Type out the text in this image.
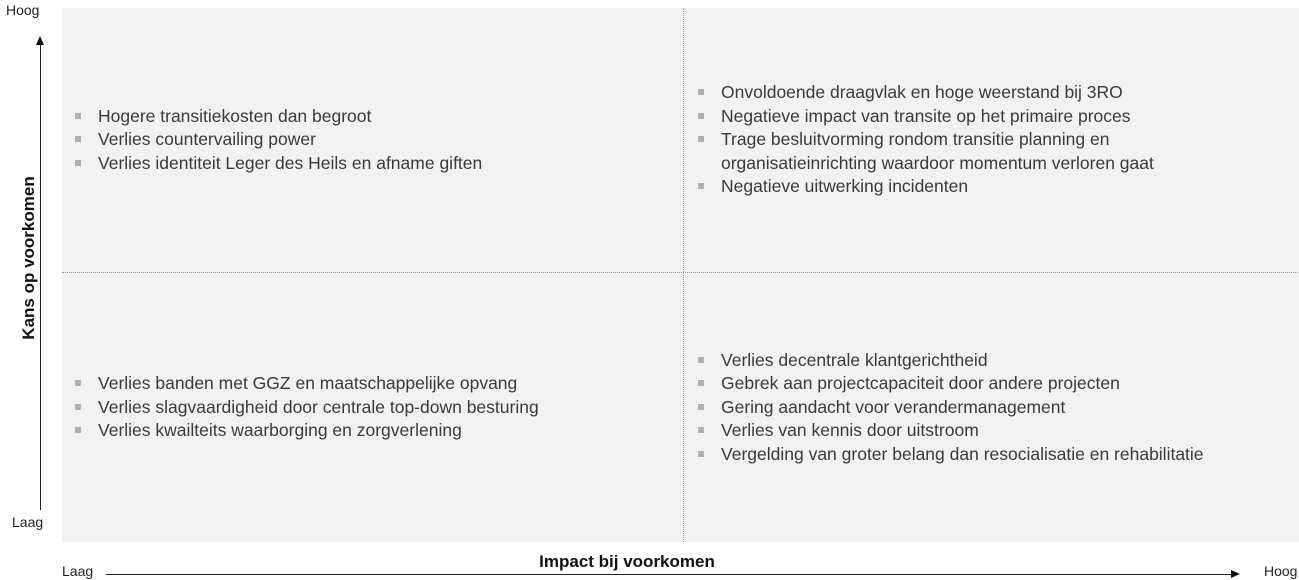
Hogere transitiekosten dan begroot
Verlies countervailing power
Verlies identiteit Leger des Heils en afname giften
Onvoldoende draagvlak en hoge weerstand bij 3RO
Negatieve impact van transite op het primaire proces
Trage besluitvorming rondom transitie planning en organisatieinrichting waardoor momentum verloren gaat
Negatieve uitwerking incidenten
Verlies banden met GGZ en maatschappelijke opvang
Verlies slagvaardigheid door centrale top-down besturing
Verlies kwailteits waarborging en zorgverlening
Verlies decentrale klantgerichtheid
Gebrek aan projectcapaciteit door andere projecten
Gering aandacht voor verandermanagement
Verlies van kennis door uitstroom
Vergelding van groter belang dan resocialisatie en rehabilitatie
Hoog
Kans op voorkomen
Laag
Laag	Impact bij voorkomen	Hoog
